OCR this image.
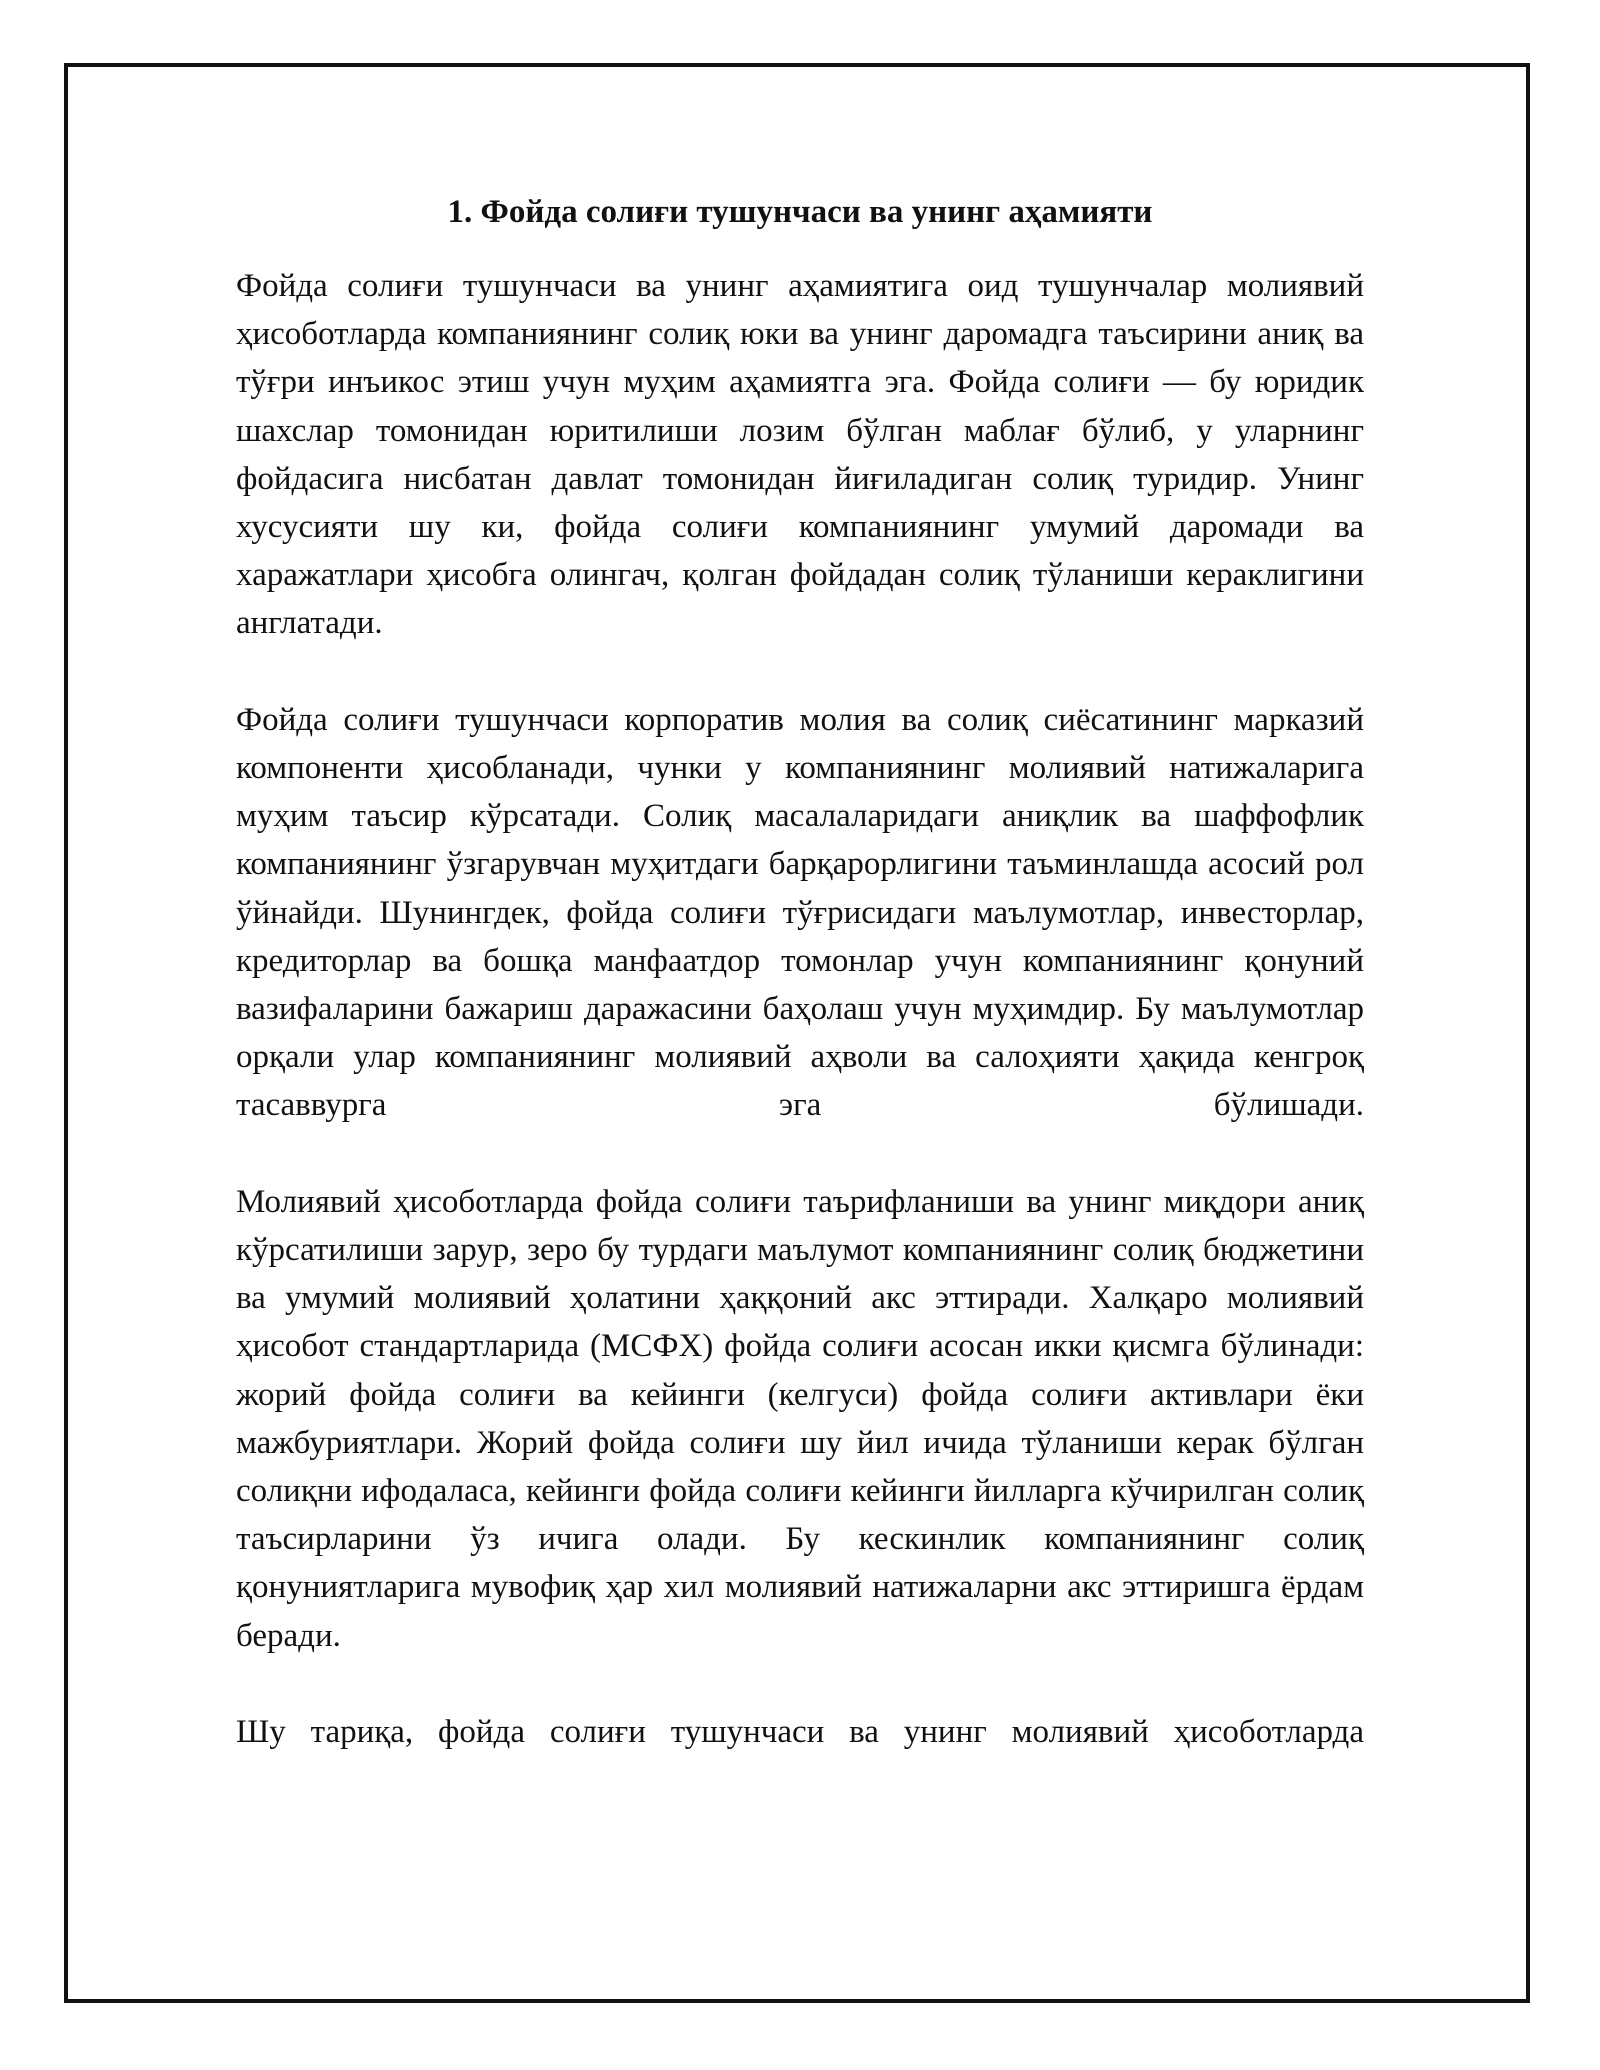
1. Фойда солиғи тушунчаси ва унинг аҳамияти

Фойда солиғи тушунчаси ва унинг аҳамиятига оид тушунчалар молиявий ҳисоботларда компаниянинг солиқ юки ва унинг даромадга таъсирини аниқ ва тўғри инъикос этиш учун муҳим аҳамиятга эга. Фойда солиғи — бу юридик шахслар томонидан юритилиши лозим бўлган маблағ бўлиб, у уларнинг фойдасига нисбатан давлат томонидан йиғиладиган солиқ туридир. Унинг хусусияти шу ки, фойда солиғи компаниянинг умумий даромади ва харажатлари ҳисобга олингач, қолган фойдадан солиқ тўланиши кераклигини англатади.

Фойда солиғи тушунчаси корпоратив молия ва солиқ сиёсатининг марказий компоненти ҳисобланади, чунки у компаниянинг молиявий натижаларига муҳим таъсир кўрсатади. Солиқ масалаларидаги аниқлик ва шаффофлик компаниянинг ўзгарувчан муҳитдаги барқарорлигини таъминлашда асосий рол ўйнайди. Шунингдек, фойда солиғи тўғрисидаги маълумотлар, инвесторлар, кредиторлар ва бошқа манфаатдор томонлар учун компаниянинг қонуний вазифаларини бажариш даражасини баҳолаш учун муҳимдир. Бу маълумотлар орқали улар компаниянинг молиявий аҳволи ва салоҳияти ҳақида кенгроқ тасаввурга эга бўлишади.

Молиявий ҳисоботларда фойда солиғи таърифланиши ва унинг миқдори аниқ кўрсатилиши зарур, зеро бу турдаги маълумот компаниянинг солиқ бюджетини ва умумий молиявий ҳолатини ҳаққоний акс эттиради. Халқаро молиявий ҳисобот стандартларида (МСФХ) фойда солиғи асосан икки қисмга бўлинади: жорий фойда солиғи ва кейинги (келгуси) фойда солиғи активлари ёки мажбуриятлари. Жорий фойда солиғи шу йил ичида тўланиши керак бўлган солиқни ифодаласа, кейинги фойда солиғи кейинги йилларга кўчирилган солиқ таъсирларини ўз ичига олади. Бу кескинлик компаниянинг солиқ қонуниятларига мувофиқ ҳар хил молиявий натижаларни акс эттиришга ёрдам беради.

Шу тариқа, фойда солиғи тушунчаси ва унинг молиявий ҳисоботларда
